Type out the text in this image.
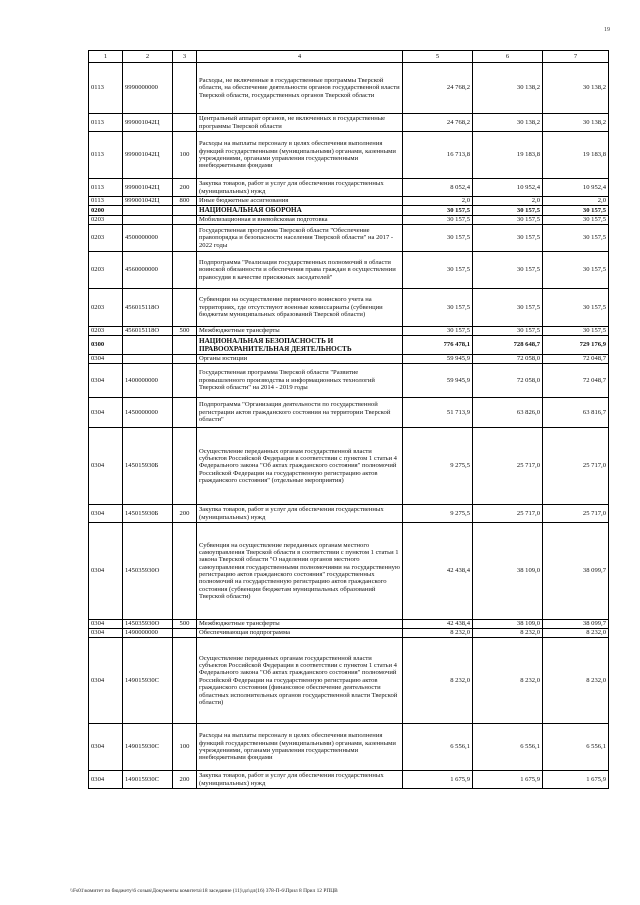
19
1	2	3	4	5	6	7
0113	9990000000		Расходы, не включенные в государственные программы Тверской области, на обеспечение деятельности органов государственной власти Тверской области, государственных органов Тверской области	24 768,2	30 138,2	30 138,2
0113	999001042Ц		Центральный аппарат органов, не включенных в государственные программы Тверской области	24 768,2	30 138,2	30 138,2
0113	999001042Ц	100	Расходы на выплаты персоналу в целях обеспечения выполнения функций государственными (муниципальными) органами, казенными учреждениями, органами управления государственными внебюджетными фондами	16 713,8	19 183,8	19 183,8
0113	999001042Ц	200	Закупка товаров, работ и услуг для обеспечения государственных (муниципальных) нужд	8 052,4	10 952,4	10 952,4
0113	999001042Ц	800	Иные бюджетные ассигнования	2,0	2,0	2,0
0200			НАЦИОНАЛЬНАЯ ОБОРОНА	30 157,5	30 157,5	30 157,5
0203			Мобилизационная и вневойсковая подготовка	30 157,5	30 157,5	30 157,5
0203	4500000000		Государственная программа Тверской области "Обеспечение правопорядка и безопасности населения Тверской области" на 2017 - 2022 годы	30 157,5	30 157,5	30 157,5
0203	4560000000		Подпрограмма "Реализация государственных полномочий в области воинской обязанности и обеспечения права граждан в осуществлении правосудия в качестве присяжных заседателей"	30 157,5	30 157,5	30 157,5
0203	456015118О		Субвенции на осуществление первичного воинского учета на территориях, где отсутствуют военные комиссариаты (субвенции бюджетам муниципальных образований Тверской области)	30 157,5	30 157,5	30 157,5
0203	456015118О	500	Межбюджетные трансферты	30 157,5	30 157,5	30 157,5
0300			НАЦИОНАЛЬНАЯ БЕЗОПАСНОСТЬ И ПРАВООХРАНИТЕЛЬНАЯ ДЕЯТЕЛЬНОСТЬ	776 478,1	728 648,7	729 176,9
0304			Органы юстиции	59 945,9	72 058,0	72 048,7
0304	1400000000		Государственная программа Тверской области "Развитие промышленного производства и информационных технологий Тверской области" на 2014 - 2019 годы	59 945,9	72 058,0	72 048,7
0304	1450000000		Подпрограмма "Организация деятельности по государственной регистрации актов гражданского состояния на территории Тверской области"	51 713,9	63 826,0	63 816,7
0304	145015930Б		Осуществление переданных органам государственной власти субъектов Российской Федерации в соответствии с пунктом 1 статьи 4 Федерального закона "Об актах гражданского состояния" полномочий Российской Федерации на государственную регистрацию актов гражданского состояния" (отдельные мероприятия)	9 275,5	25 717,0	25 717,0
0304	145015930Б	200	Закупка товаров, работ и услуг для обеспечения государственных (муниципальных) нужд	9 275,5	25 717,0	25 717,0
0304	145035930О		Субвенция на осуществление переданных органам местного самоуправления Тверской области в соответствии с пунктом 1 статьи 1 закона Тверской области "О наделении органов местного самоуправления государственными полномочиями на государственную регистрацию актов гражданского состояния" государственных полномочий на государственную регистрацию актов гражданского состояния (субвенции бюджетам муниципальных образований Тверской области)	42 438,4	38 109,0	38 099,7
0304	145035930О	500	Межбюджетные трансферты	42 438,4	38 109,0	38 099,7
0304	1490000000		Обеспечивающая подпрограмма	8 232,0	8 232,0	8 232,0
0304	149015930С		Осуществление переданных органам государственной власти субъектов Российской Федерации в соответствии с пунктом 1 статьи 4 Федерального закона "Об актах гражданского состояния" полномочий Российской Федерации на государственную регистрацию актов гражданского состояния (финансовое обеспечение деятельности областных исполнительных органов государственной власти Тверской области)	8 232,0	8 232,0	8 232,0
0304	149015930С	100	Расходы на выплаты персоналу в целях обеспечения выполнения функций государственными (муниципальными) органами, казенными учреждениями, органами управления государственными внебюджетными фондами	6 556,1	6 556,1	6 556,1
0304	149015930С	200	Закупка товаров, работ и услуг для обеспечения государственных (муниципальных) нужд	1 675,9	1 675,9	1 675,9
\\Fs01\комитет по бюджету\6 созыв\Документы комитета\18 заседание (11)\дл\дл(16) 378-П-6\Прил 8 Прил 12 РПЦВ
